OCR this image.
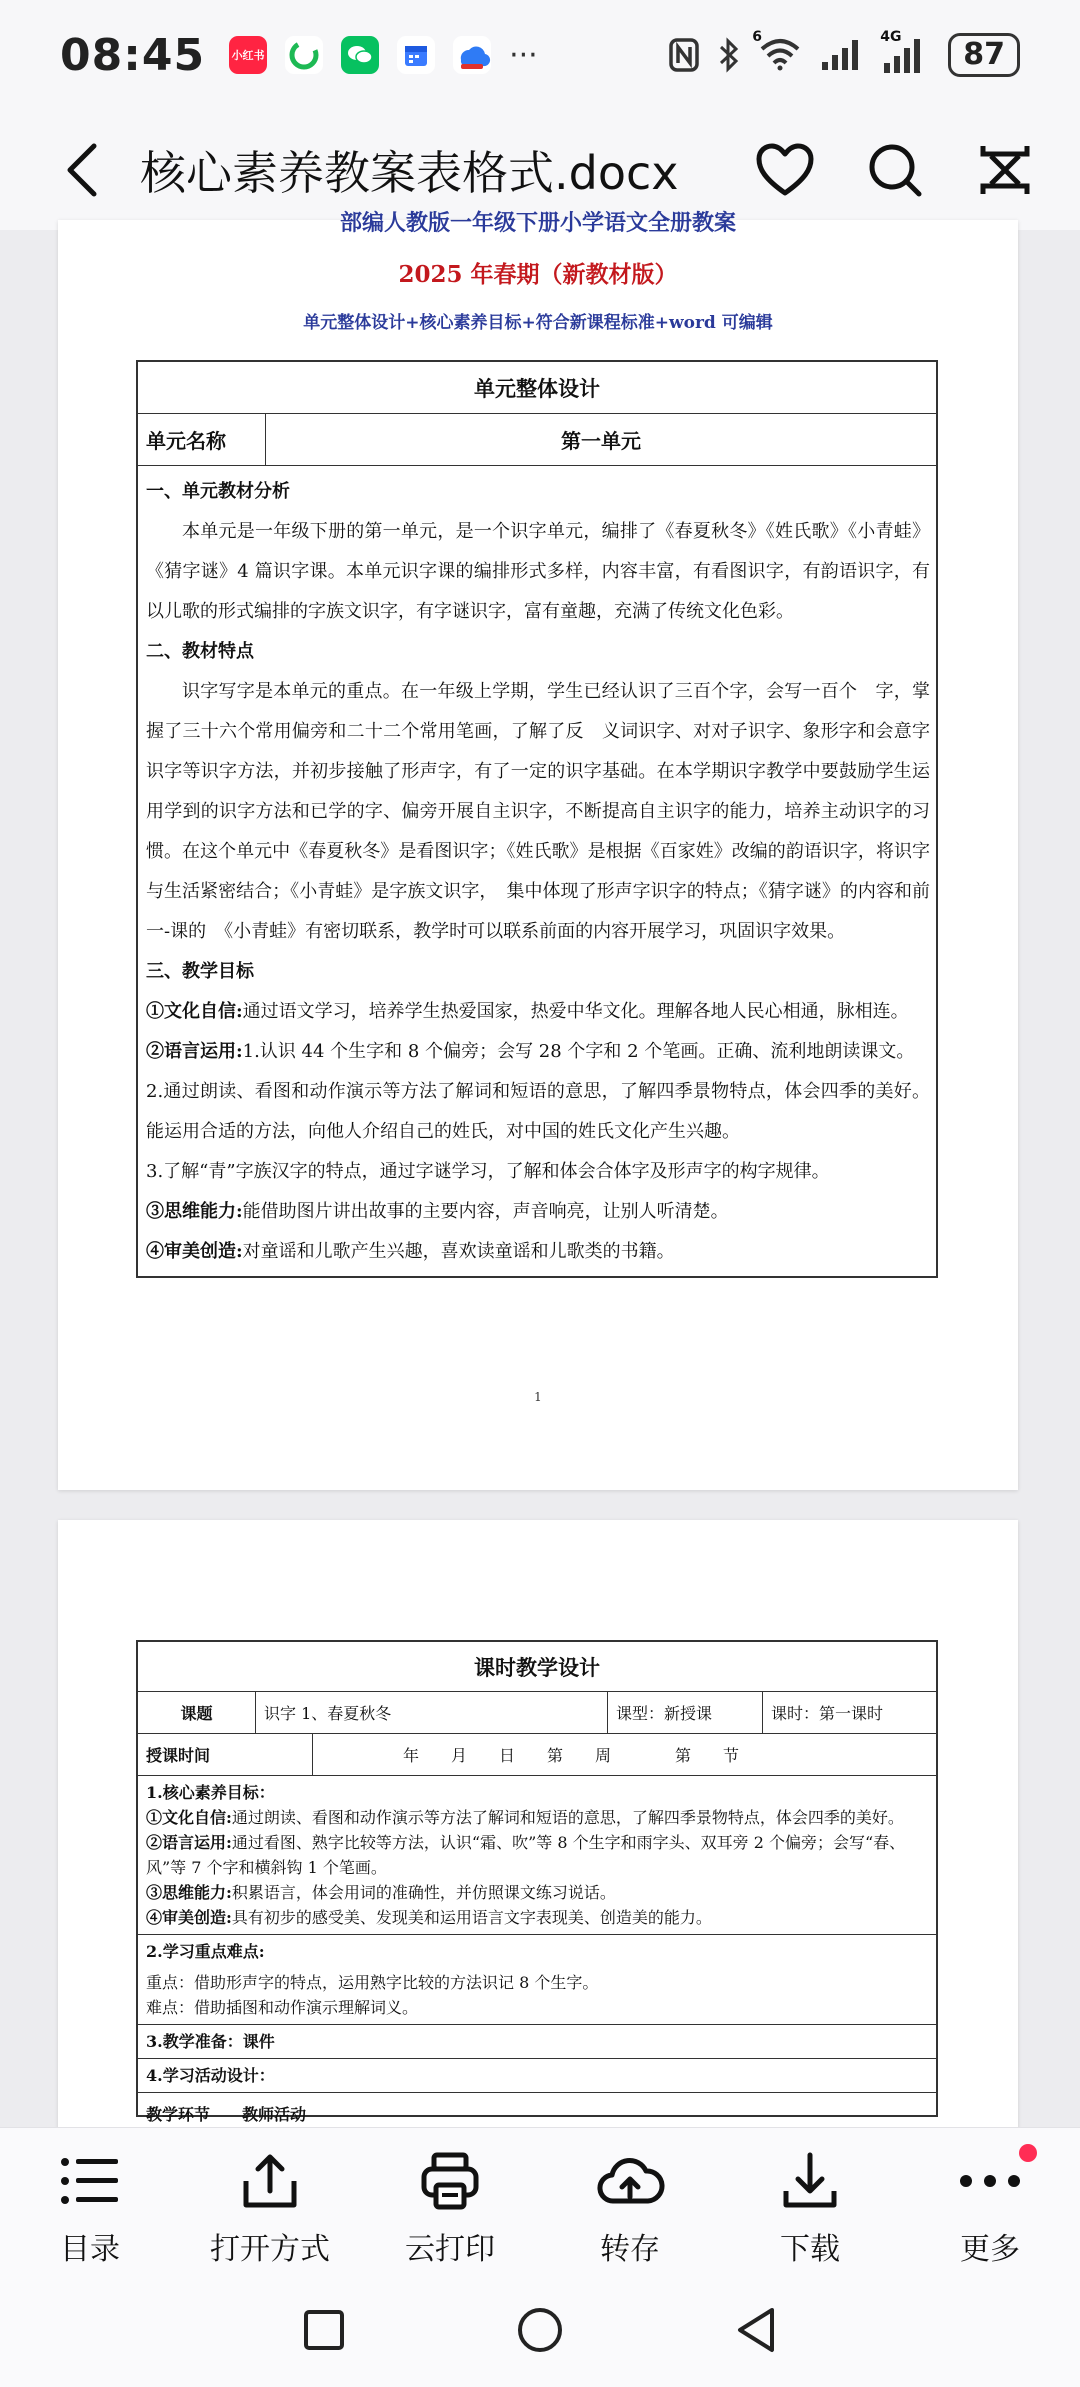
08:45 小红书	···
6	4G	87
核心素养教案表格式.docx
部编人教版一年级下册小学语文全册教案
2025 年春期（新教材版）
单元整体设计+核心素养目标+符合新课程标准+word 可编辑
单元整体设计
单元名称	第一单元
一、单元教材分析

本单元是一年级下册的第一单元，是一个识字单元，编排了《春夏秋冬》《姓氏歌》《小青蛙》《猜字谜》4 篇识字课。本单元识字课的编排形式多样，内容丰富，有看图识字，有韵语识字，有以儿歌的形式编排的字族文识字，有字谜识字，富有童趣，充满了传统文化色彩。

二、教材特点

识字写字是本单元的重点。在一年级上学期，学生已经认识了三百个字，会写一百个　字，掌握了三十六个常用偏旁和二十二个常用笔画，了解了反　义词识字、对对子识字、象形字和会意字识字等识字方法，并初步接触了形声字，有了一定的识字基础。在本学期识字教学中要鼓励学生运用学到的识字方法和已学的字、偏旁开展自主识字，不断提高自主识字的能力，培养主动识字的习惯。在这个单元中《春夏秋冬》是看图识字；《姓氏歌》是根据《百家姓》改编的韵语识字，将识字与生活紧密结合；《小青蛙》是字族文识字，　集中体现了形声字识字的特点；《猜字谜》的内容和前一-课的　《小青蛙》有密切联系，教学时可以联系前面的内容开展学习，巩固识字效果。

三、教学目标

①文化自信:通过语文学习，培养学生热爱国家，热爱中华文化。理解各地人民心相通，脉相连。

②语言运用:1.认识 44 个生字和 8 个偏旁；会写 28 个字和 2 个笔画。正确、流利地朗读课文。

2.通过朗读、看图和动作演示等方法了解词和短语的意思，了解四季景物特点，体会四季的美好。能运用合适的方法，向他人介绍自己的姓氏，对中国的姓氏文化产生兴趣。

3.了解“青”字族汉字的特点，通过字谜学习，了解和体会合体字及形声字的构字规律。

③思维能力:能借助图片讲出故事的主要内容，声音响亮，让别人听清楚。

④审美创造:对童谣和儿歌产生兴趣，喜欢读童谣和儿歌类的书籍。

1
课时教学设计
课题	识字 1、春夏秋冬	课型：新授课	课时：第一课时
授课时间	年　　月　　日　　第　　周　　　　第　　节
1.核心素养目标：
①文化自信:通过朗读、看图和动作演示等方法了解词和短语的意思，了解四季景物特点，体会四季的美好。
②语言运用:通过看图、熟字比较等方法，认识“霜、吹”等 8 个生字和雨字头、双耳旁 2 个偏旁；会写“春、风”等 7 个字和横斜钩 1 个笔画。
③思维能力:积累语言，体会用词的准确性，并仿照课文练习说话。
④审美创造:具有初步的感受美、发现美和运用语言文字表现美、创造美的能力。
2.学习重点难点:
重点：借助形声字的特点，运用熟字比较的方法识记 8 个生字。
难点：借助插图和动作演示理解词义。
3.教学准备：课件
4.学习活动设计：
教学环节　　教师活动
目录	打开方式	云打印	转存	下载	更多
